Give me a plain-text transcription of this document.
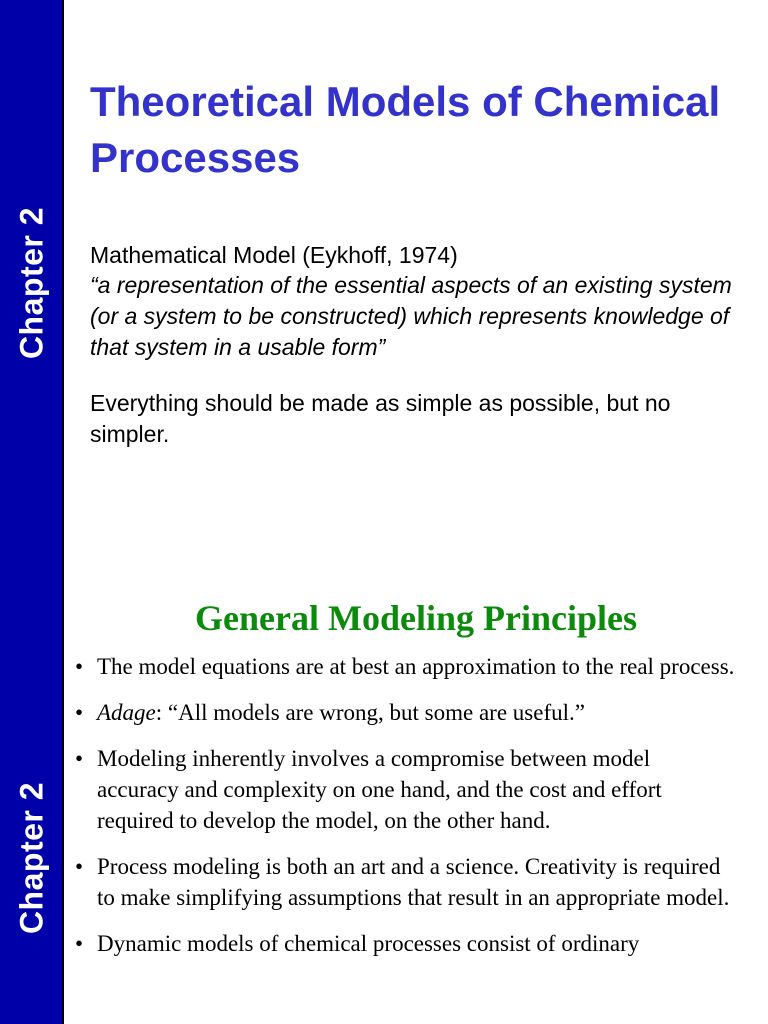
Chapter 2
Theoretical Models of Chemical Processes

Mathematical Model (Eykhoff, 1974)

“a representation of the essential aspects of an existing system (or a system to be constructed) which represents knowledge of that system in a usable form”

Everything should be made as simple as possible, but no simpler.

Chapter 2
General Modeling Principles
• The model equations are at best an approximation to the real process.
• Adage: “All models are wrong, but some are useful.”
• Modeling inherently involves a compromise between model accuracy and complexity on one hand, and the cost and effort required to develop the model, on the other hand.
• Process modeling is both an art and a science. Creativity is required to make simplifying assumptions that result in an appropriate model.
• Dynamic models of chemical processes consist of ordinary
